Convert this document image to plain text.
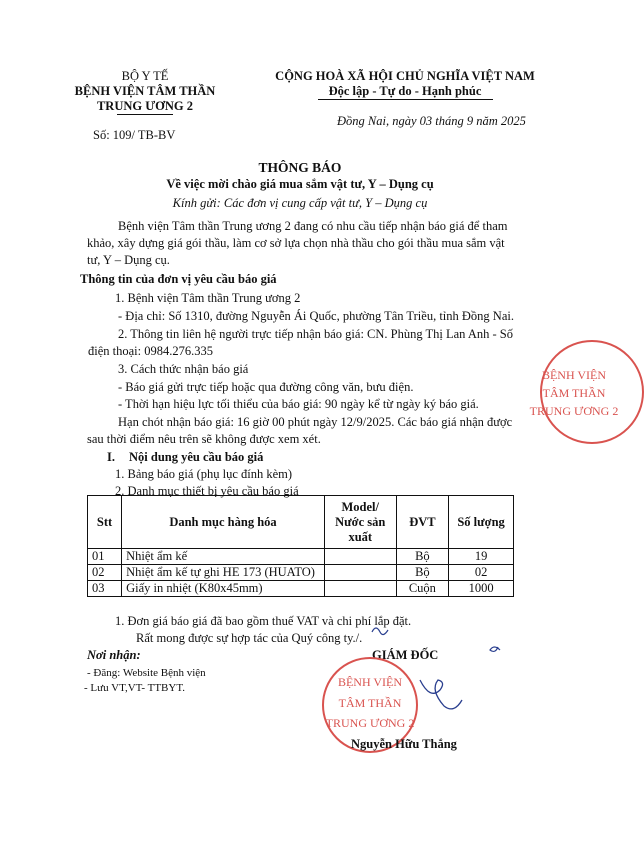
BỘ Y TẾ
BỆNH VIỆN TÂM THẦN
TRUNG ƯƠNG 2
Số: 109/ TB-BV
CỘNG HOÀ XÃ HỘI CHỦ NGHĨA VIỆT NAM
Độc lập - Tự do - Hạnh phúc
Đồng Nai, ngày 03 tháng 9 năm 2025
THÔNG BÁO
Về việc mời chào giá mua sắm vật tư, Y – Dụng cụ
Kính gửi: Các đơn vị cung cấp vật tư, Y – Dụng cụ
Bệnh viện Tâm thần Trung ương 2 đang có nhu cầu tiếp nhận báo giá để tham
khảo, xây dựng giá gói thầu, làm cơ sở lựa chọn nhà thầu cho gói thầu mua sắm vật
tư, Y – Dụng cụ.
Thông tin của đơn vị yêu cầu báo giá
1. Bệnh viện Tâm thần Trung ương 2
- Địa chỉ: Số 1310, đường Nguyễn Ái Quốc, phường Tân Triều, tỉnh Đồng Nai.
2. Thông tin liên hệ người trực tiếp nhận báo giá: CN. Phùng Thị Lan Anh - Số
điện thoại: 0984.276.335
3. Cách thức nhận báo giá
- Báo giá gửi trực tiếp hoặc qua đường công văn, bưu điện.
- Thời hạn hiệu lực tối thiểu của báo giá: 90 ngày kể từ ngày ký báo giá.
Hạn chót nhận báo giá: 16 giờ 00 phút ngày 12/9/2025. Các báo giá nhận được
sau thời điểm nêu trên sẽ không được xem xét.
I. Nội dung yêu cầu báo giá
1. Bảng báo giá (phụ lục đính kèm)
2. Danh mục thiết bị yêu cầu báo giá
Stt	Danh mục hàng hóa	Model/
Nước sản
xuất	ĐVT	Số lượng
01	Nhiệt ẩm kế		Bộ	19
02	Nhiệt ẩm kế tự ghi HE 173 (HUATO)		Bộ	02
03	Giấy in nhiệt (K80x45mm)		Cuộn	1000
1. Đơn giá báo giá đã bao gồm thuế VAT và chi phí lắp đặt.
Rất mong được sự hợp tác của Quý công ty./.
Nơi nhận:
- Đăng: Website Bệnh viện
- Lưu VT,VT- TTBYT.
GIÁM ĐỐC
BỆNH VIỆN
TÂM THẦN
TRUNG ƯƠNG 2
BỆNH VIỆN
TÂM THẦN
TRUNG ƯƠNG 2
Nguyễn Hữu Thắng
